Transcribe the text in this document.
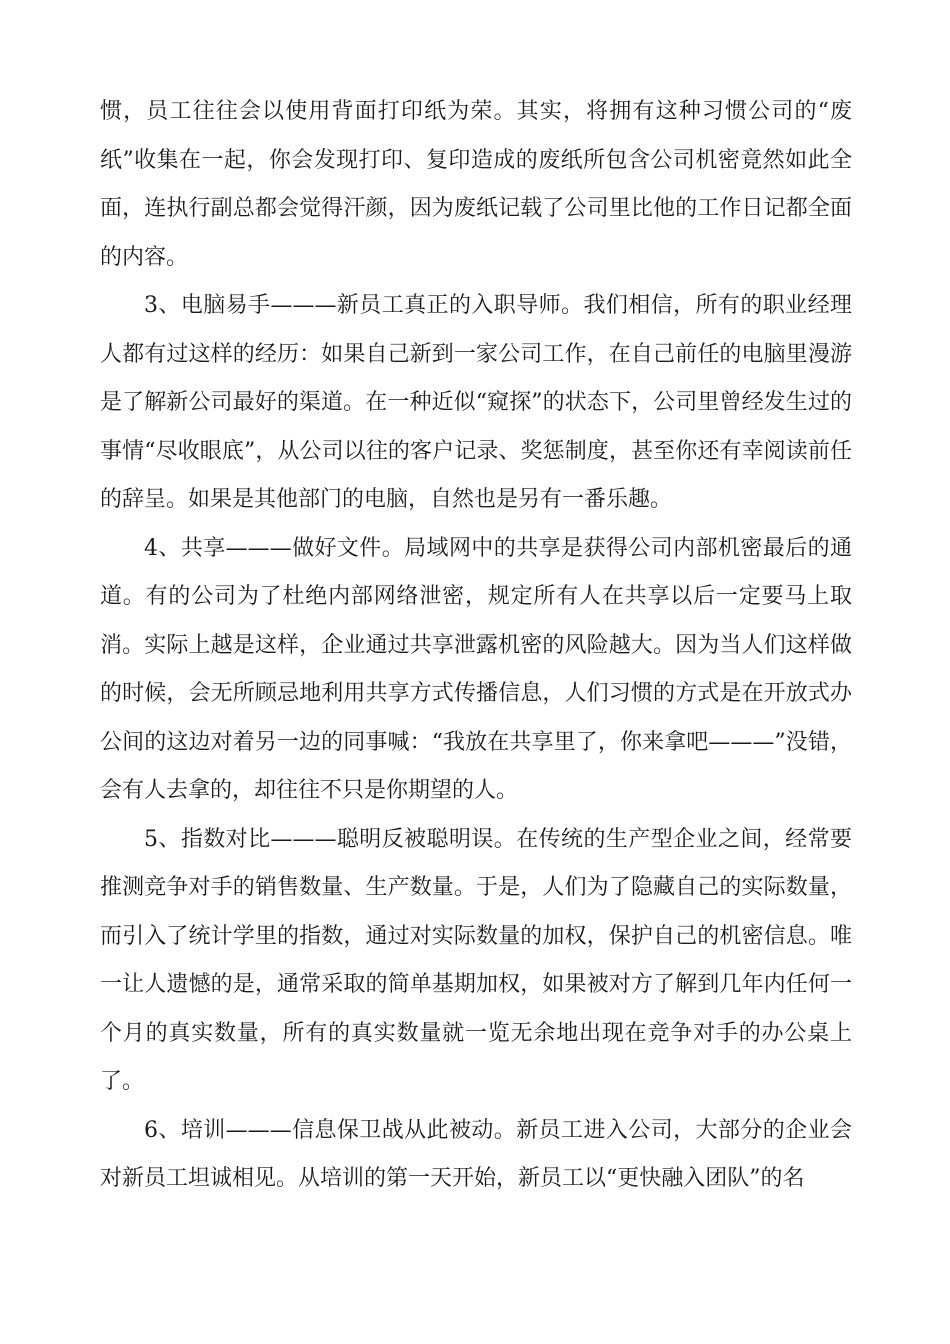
惯，员工往往会以使用背面打印纸为荣。其实，将拥有这种习惯公司的“废纸”收集在一起，你会发现打印、复印造成的废纸所包含公司机密竟然如此全面，连执行副总都会觉得汗颜，因为废纸记载了公司里比他的工作日记都全面的内容。

3、电脑易手———新员工真正的入职导师。我们相信，所有的职业经理人都有过这样的经历：如果自己新到一家公司工作，在自己前任的电脑里漫游是了解新公司最好的渠道。在一种近似“窥探”的状态下，公司里曾经发生过的事情“尽收眼底”，从公司以往的客户记录、奖惩制度，甚至你还有幸阅读前任的辞呈。如果是其他部门的电脑，自然也是另有一番乐趣。

4、共享———做好文件。局域网中的共享是获得公司内部机密最后的通道。有的公司为了杜绝内部网络泄密，规定所有人在共享以后一定要马上取消。实际上越是这样，企业通过共享泄露机密的风险越大。因为当人们这样做的时候，会无所顾忌地利用共享方式传播信息，人们习惯的方式是在开放式办公间的这边对着另一边的同事喊：“我放在共享里了，你来拿吧———”没错，会有人去拿的，却往往不只是你期望的人。

5、指数对比———聪明反被聪明误。在传统的生产型企业之间，经常要推测竞争对手的销售数量、生产数量。于是，人们为了隐藏自己的实际数量，而引入了统计学里的指数，通过对实际数量的加权，保护自己的机密信息。唯一让人遗憾的是，通常采取的简单基期加权，如果被对方了解到几年内任何一个月的真实数量，所有的真实数量就一览无余地出现在竞争对手的办公桌上了。

6、培训———信息保卫战从此被动。新员工进入公司，大部分的企业会对新员工坦诚相见。从培训的第一天开始，新员工以“更快融入团队”的名
